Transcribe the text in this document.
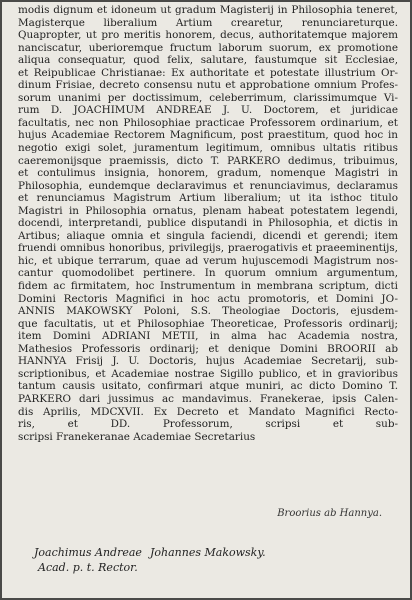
modis dignum et idoneum ut gradum Magisterij in Philosophia teneret,
Magisterque liberalium Artium crearetur, renunciareturque.
Quapropter, ut pro meritis honorem, decus, authoritatemque majorem
nanciscatur, uberioremque fructum laborum suorum, ex promotione
aliqua consequatur, quod felix, salutare, faustumque sit Ecclesiae,
et Reipublicae Christianae: Ex authoritate et potestate illustrium Or-
dinum Frisiae, decreto consensu nutu et approbatione omnium Profes-
sorum unanimi per doctissimum, celeberrimum, clarissimumque Vi-
rum D. JOACHIMUM ANDREAE J. U. Doctorem, et juridicae
facultatis, nec non Philosophiae practicae Professorem ordinarium, et
hujus Academiae Rectorem Magnificum, post praestitum, quod hoc in
negotio exigi solet, juramentum legitimum, omnibus ultatis ritibus
caeremonijsque praemissis, dicto T. PARKERO dedimus, tribuimus,
et contulimus insignia, honorem, gradum, nomenque Magistri in
Philosophia, eundemque declaravimus et renunciavimus, declaramus
et renunciamus Magistrum Artium liberalium; ut ita isthoc titulo
Magistri in Philosophia ornatus, plenam habeat potestatem legendi,
docendi, interpretandi, publice disputandi in Philosophia, et dictis in
Artibus; aliaque omnia et singula faciendi, dicendi et gerendi; item
fruendi omnibus honoribus, privilegijs, praerogativis et praeeminentijs,
hic, et ubique terrarum, quae ad verum hujuscemodi Magistrum nos-
cantur quomodolibet pertinere. In quorum omnium argumentum,
fidem ac firmitatem, hoc Instrumentum in membrana scriptum, dicti
Domini Rectoris Magnifici in hoc actu promotoris, et Domini JO-
ANNIS MAKOWSKY Poloni, S.S. Theologiae Doctoris, ejusdem-
que facultatis, ut et Philosophiae Theoreticae, Professoris ordinarij;
item Domini ADRIANI METII, in alma hac Academia nostra,
Mathesios Professoris ordinarij; et denique Domini BROORII ab
HANNYA Frisij J. U. Doctoris, hujus Academiae Secretarij, sub-
scriptionibus, et Academiae nostrae Sigillo publico, et in gravioribus
tantum causis usitato, confirmari atque muniri, ac dicto Domino T.
PARKERO dari jussimus ac mandavimus. Franekerae, ipsis Calen-
dis Aprilis, MDCXVII. Ex Decreto et Mandato Magnifici Recto-
ris, et DD. Professorum, scripsi et sub-
scripsi Franekeranae Academiae Secretarius
Broorius ab Hannya.
Joachimus Andreae Johannes Makowsky.
Acad. p. t. Rector.
